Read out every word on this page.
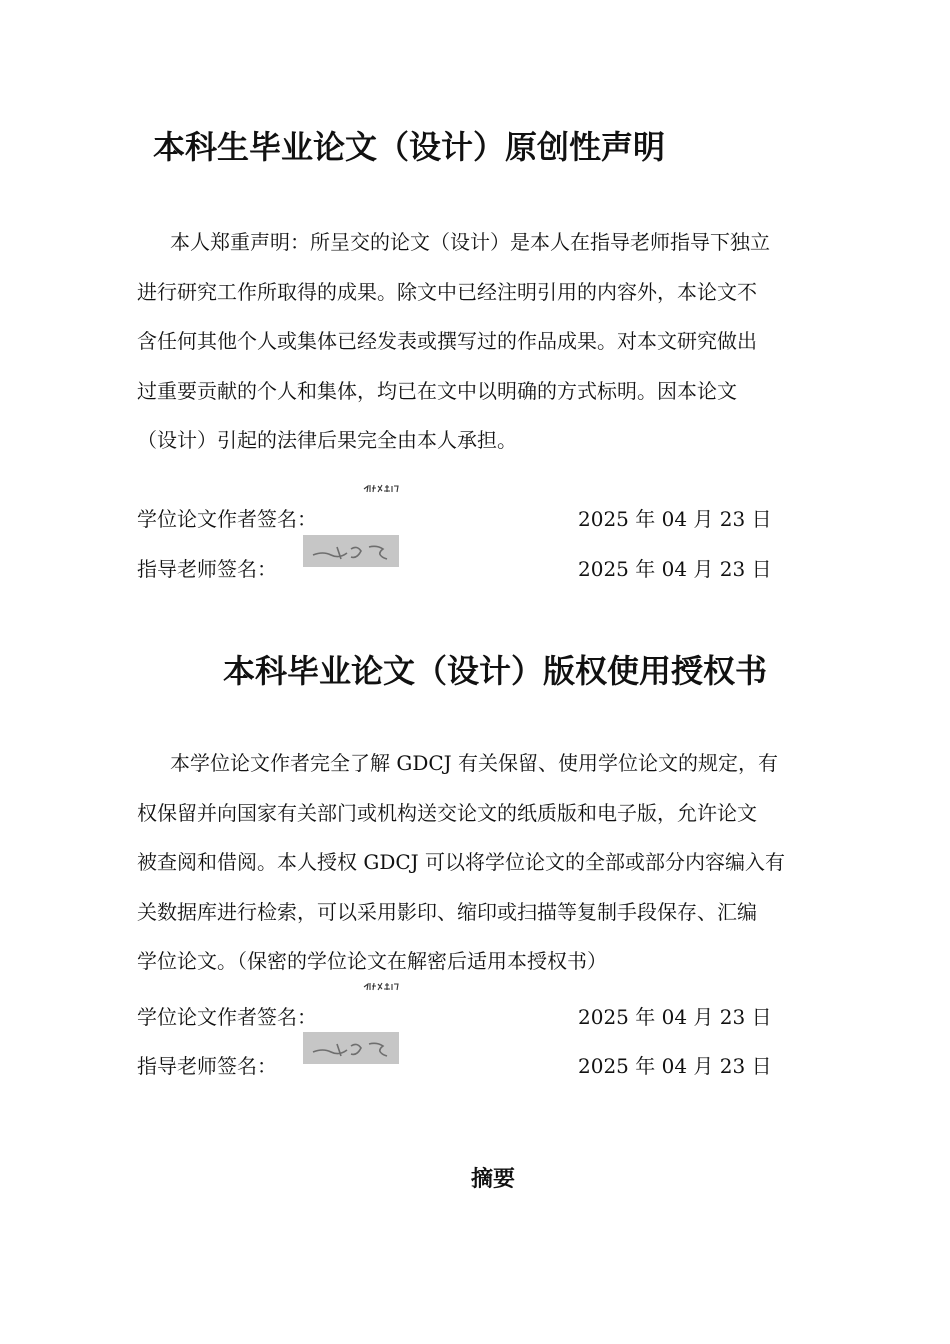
本科生毕业论文（设计）原创性声明
本人郑重声明：所呈交的论文（设计）是本人在指导老师指导下独立
进行研究工作所取得的成果。除文中已经注明引用的内容外，本论文不
含任何其他个人或集体已经发表或撰写过的作品成果。对本文研究做出
过重要贡献的个人和集体，均已在文中以明确的方式标明。因本论文
（设计）引起的法律后果完全由本人承担。
学位论文作者签名：	2025 年 04 月 23 日
指导老师签名：	2025 年 04 月 23 日
本科毕业论文（设计）版权使用授权书
本学位论文作者完全了解 GDCJ 有关保留、使用学位论文的规定，有
权保留并向国家有关部门或机构送交论文的纸质版和电子版，允许论文
被查阅和借阅。本人授权 GDCJ 可以将学位论文的全部或部分内容编入有
关数据库进行检索，可以采用影印、缩印或扫描等复制手段保存、汇编
学位论文。（保密的学位论文在解密后适用本授权书）
学位论文作者签名：	2025 年 04 月 23 日
指导老师签名：	2025 年 04 月 23 日
摘要
